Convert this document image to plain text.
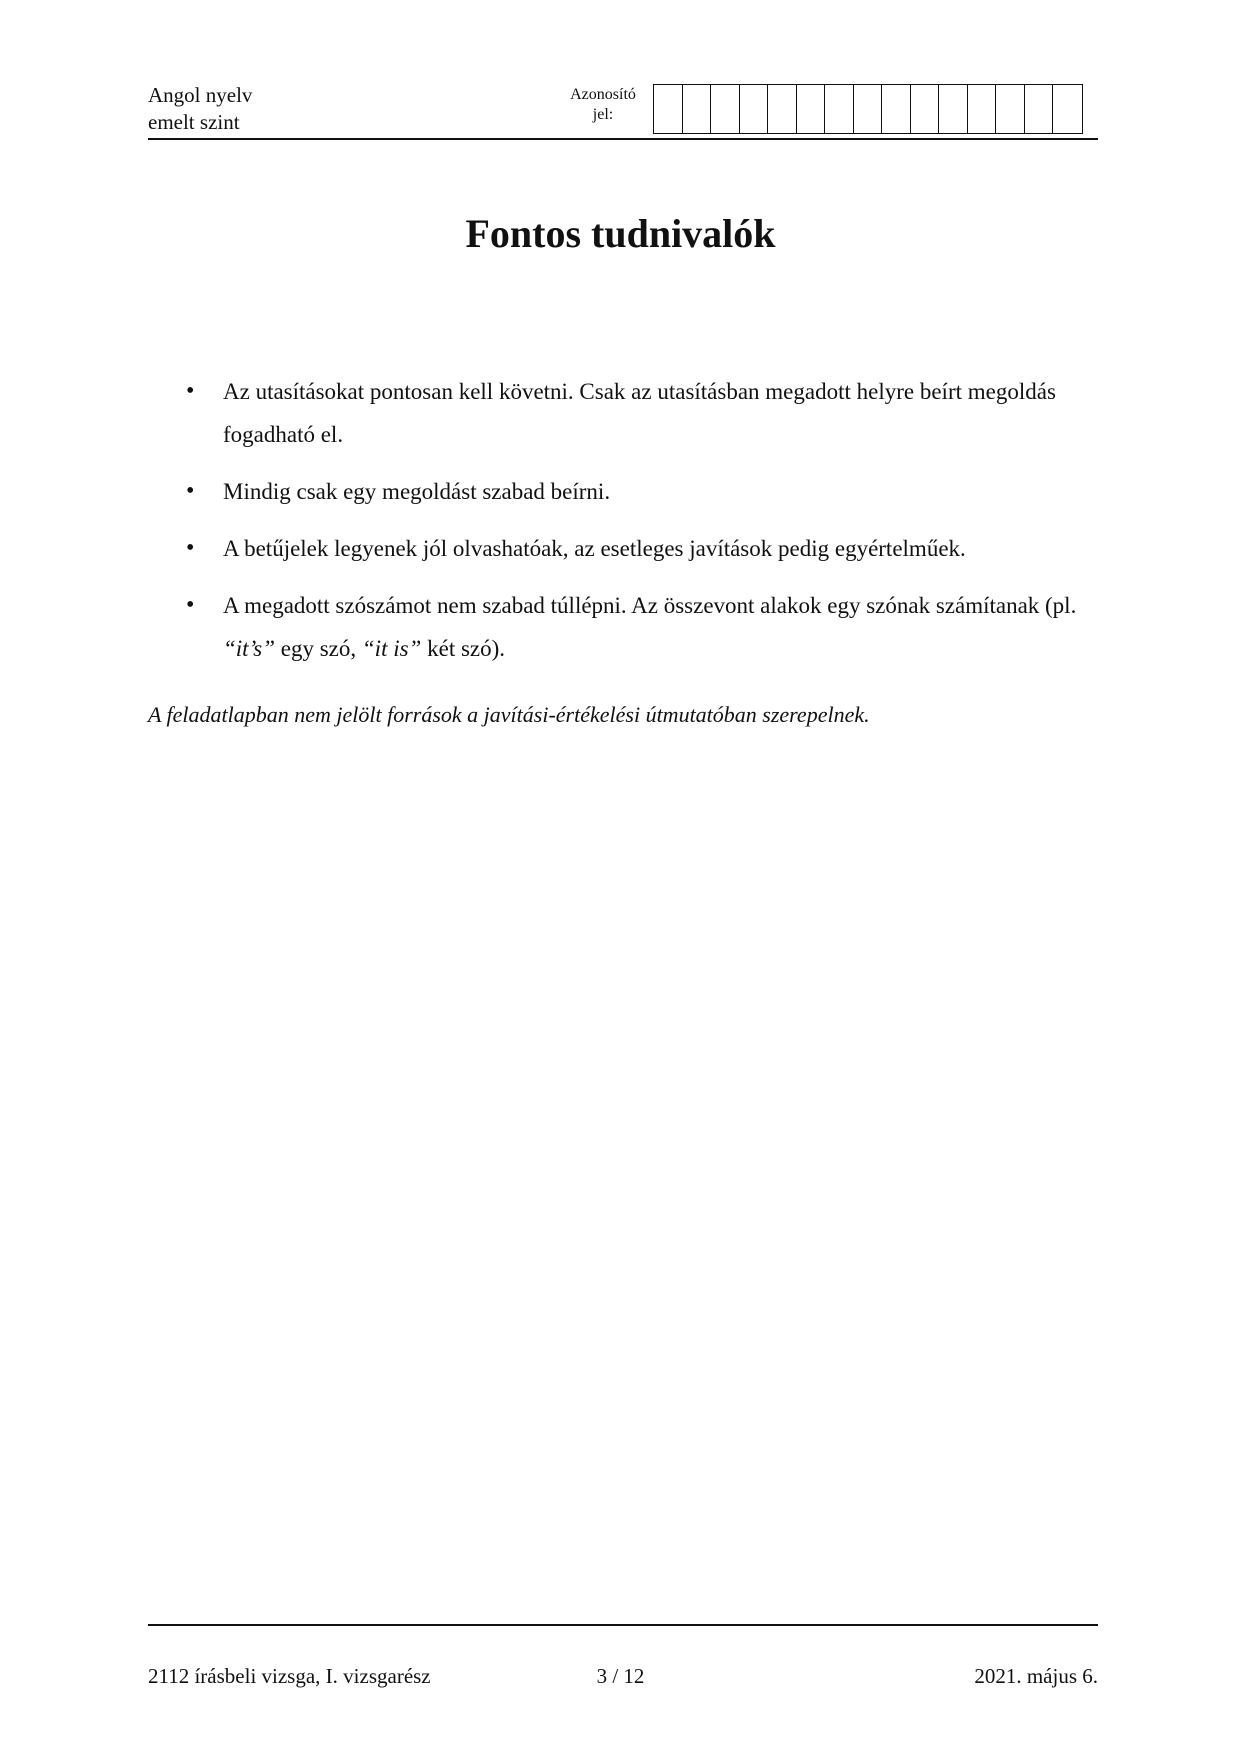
Angol nyelv
emelt szint
Azonosító
jel:
Fontos tudnivalók
• Az utasításokat pontosan kell követni. Csak az utasításban megadott helyre beírt megoldás fogadható el.
• Mindig csak egy megoldást szabad beírni.
• A betűjelek legyenek jól olvashatóak, az esetleges javítások pedig egyértelműek.
• A megadott szószámot nem szabad túllépni. Az összevont alakok egy szónak számítanak (pl. “it’s” egy szó, “it is” két szó).
A feladatlapban nem jelölt források a javítási-értékelési útmutatóban szerepelnek.
2112 írásbeli vizsga, I. vizsgarész	3 / 12	2021. május 6.
